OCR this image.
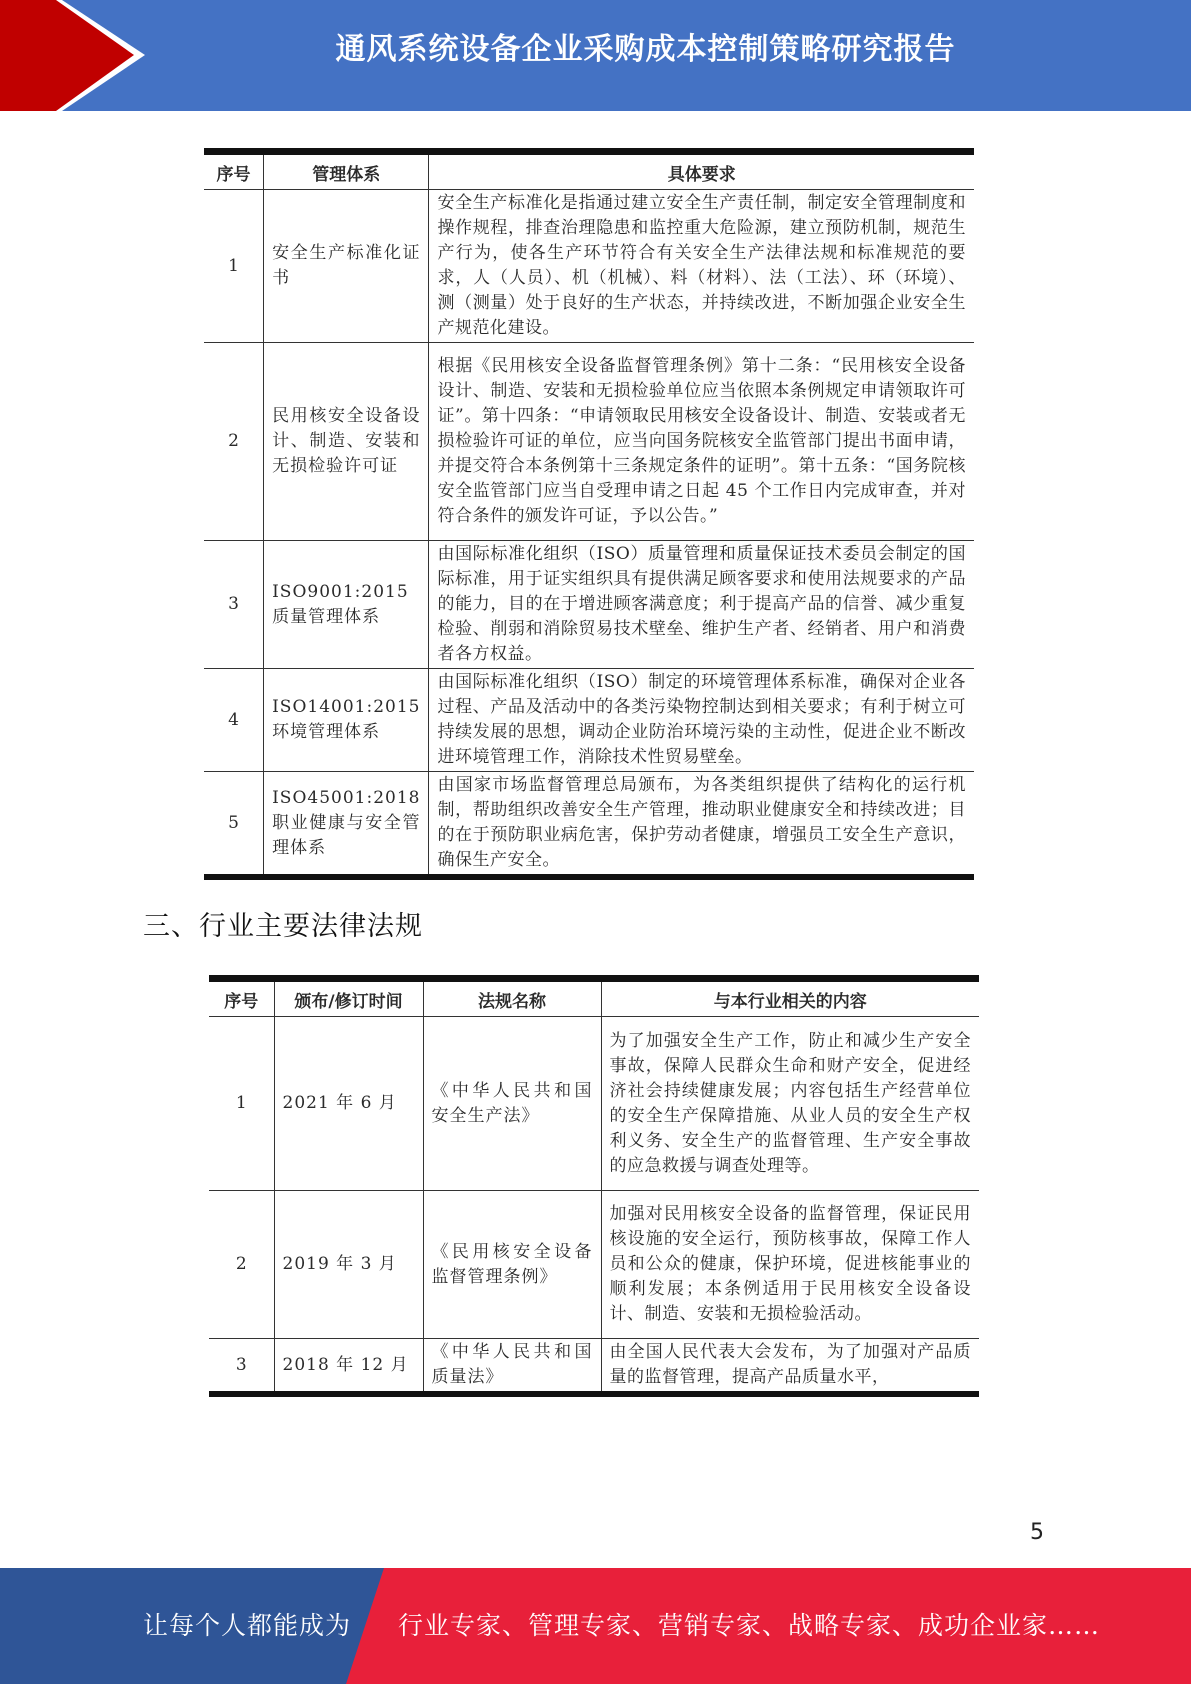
通风系统设备企业采购成本控制策略研究报告
序号	管理体系	具体要求
1	安全生产标准化证书	安全生产标准化是指通过建立安全生产责任制，制定安全管理制度和操作规程，排查治理隐患和监控重大危险源，建立预防机制，规范生产行为，使各生产环节符合有关安全生产法律法规和标准规范的要求，人（人员）、机（机械）、料（材料）、法（工法）、环（环境）、测（测量）处于良好的生产状态，并持续改进，不断加强企业安全生产规范化建设。
2	民用核安全设备设计、制造、安装和无损检验许可证	根据《民用核安全设备监督管理条例》第十二条：“民用核安全设备设计、制造、安装和无损检验单位应当依照本条例规定申请领取许可证”。第十四条：“申请领取民用核安全设备设计、制造、安装或者无损检验许可证的单位，应当向国务院核安全监管部门提出书面申请，并提交符合本条例第十三条规定条件的证明”。第十五条：“国务院核安全监管部门应当自受理申请之日起 45 个工作日内完成审查，并对符合条件的颁发许可证，予以公告。”
3	ISO9001:2015 质量管理体系	由国际标准化组织（ISO）质量管理和质量保证技术委员会制定的国际标准，用于证实组织具有提供满足顾客要求和使用法规要求的产品的能力，目的在于增进顾客满意度；利于提高产品的信誉、减少重复检验、削弱和消除贸易技术壁垒、维护生产者、经销者、用户和消费者各方权益。
4	ISO14001:2015 环境管理体系	由国际标准化组织（ISO）制定的环境管理体系标准，确保对企业各过程、产品及活动中的各类污染物控制达到相关要求；有利于树立可持续发展的思想，调动企业防治环境污染的主动性，促进企业不断改进环境管理工作，消除技术性贸易壁垒。
5	ISO45001:2018 职业健康与安全管理体系	由国家市场监督管理总局颁布，为各类组织提供了结构化的运行机制，帮助组织改善安全生产管理，推动职业健康安全和持续改进；目的在于预防职业病危害，保护劳动者健康，增强员工安全生产意识，确保生产安全。
三、行业主要法律法规
序号	颁布/修订时间	法规名称	与本行业相关的内容
1	2021 年 6 月	《中华人民共和国安全生产法》	为了加强安全生产工作，防止和减少生产安全事故，保障人民群众生命和财产安全，促进经济社会持续健康发展；内容包括生产经营单位的安全生产保障措施、从业人员的安全生产权利义务、安全生产的监督管理、生产安全事故的应急救援与调查处理等。
2	2019 年 3 月	《民用核安全设备监督管理条例》	加强对民用核安全设备的监督管理，保证民用核设施的安全运行，预防核事故，保障工作人员和公众的健康，保护环境，促进核能事业的顺利发展；本条例适用于民用核安全设备设计、制造、安装和无损检验活动。
3	2018 年 12 月	《中华人民共和国质量法》	由全国人民代表大会发布，为了加强对产品质量的监督管理，提高产品质量水平，
5
让每个人都能成为 行业专家、管理专家、营销专家、战略专家、成功企业家……
